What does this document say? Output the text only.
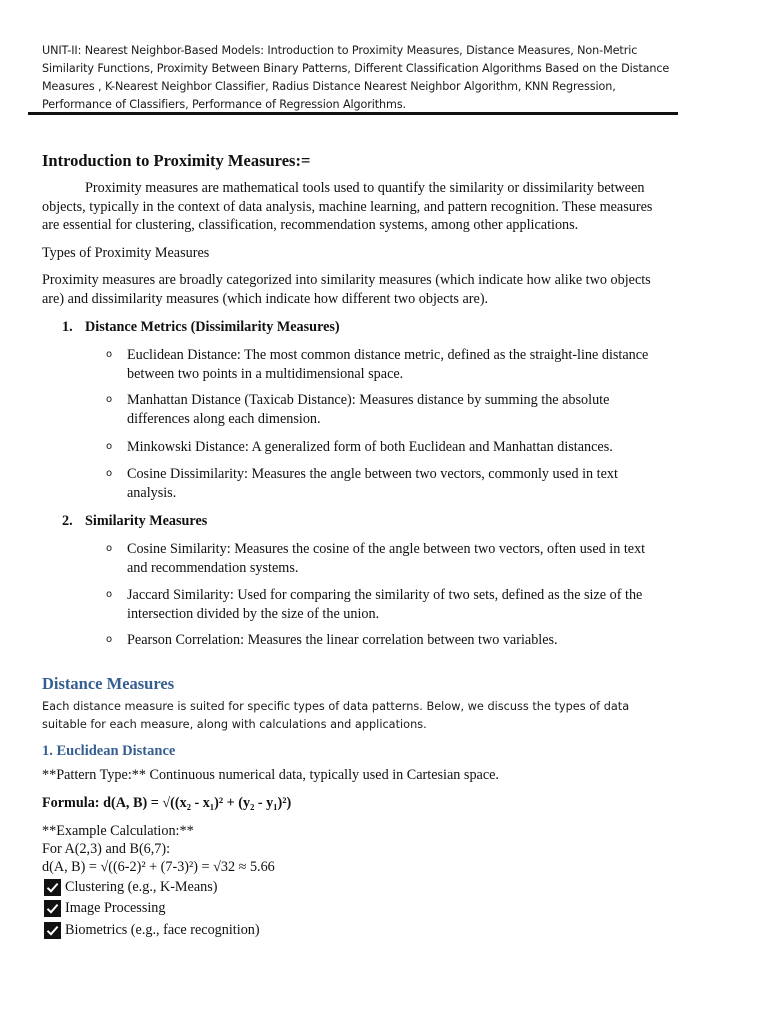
UNIT-II: Nearest Neighbor-Based Models: Introduction to Proximity Measures, Distance Measures, Non-Metric Similarity Functions, Proximity Between Binary Patterns, Different Classification Algorithms Based on the Distance Measures , K-Nearest Neighbor Classifier, Radius Distance Nearest Neighbor Algorithm, KNN Regression, Performance of Classifiers, Performance of Regression Algorithms.
Introduction to Proximity Measures:=
Proximity measures are mathematical tools used to quantify the similarity or dissimilarity between objects, typically in the context of data analysis, machine learning, and pattern recognition. These measures are essential for clustering, classification, recommendation systems, among other applications.
Types of Proximity Measures
Proximity measures are broadly categorized into similarity measures (which indicate how alike two objects are) and dissimilarity measures (which indicate how different two objects are).
1. Distance Metrics (Dissimilarity Measures)
o Euclidean Distance: The most common distance metric, defined as the straight-line distance between two points in a multidimensional space.
o Manhattan Distance (Taxicab Distance): Measures distance by summing the absolute differences along each dimension.
o Minkowski Distance: A generalized form of both Euclidean and Manhattan distances.
o Cosine Dissimilarity: Measures the angle between two vectors, commonly used in text analysis.
2. Similarity Measures
o Cosine Similarity: Measures the cosine of the angle between two vectors, often used in text and recommendation systems.
o Jaccard Similarity: Used for comparing the similarity of two sets, defined as the size of the intersection divided by the size of the union.
o Pearson Correlation: Measures the linear correlation between two variables.
Distance Measures
Each distance measure is suited for specific types of data patterns. Below, we discuss the types of data suitable for each measure, along with calculations and applications.
1. Euclidean Distance
**Pattern Type:** Continuous numerical data, typically used in Cartesian space.
Formula: d(A, B) = √((x₂ - x₁)² + (y₂ - y₁)²)
**Example Calculation:**
For A(2,3) and B(6,7):
d(A, B) = √((6-2)² + (7-3)²) = √32 ≈ 5.66
Clustering (e.g., K-Means)
Image Processing
Biometrics (e.g., face recognition)
